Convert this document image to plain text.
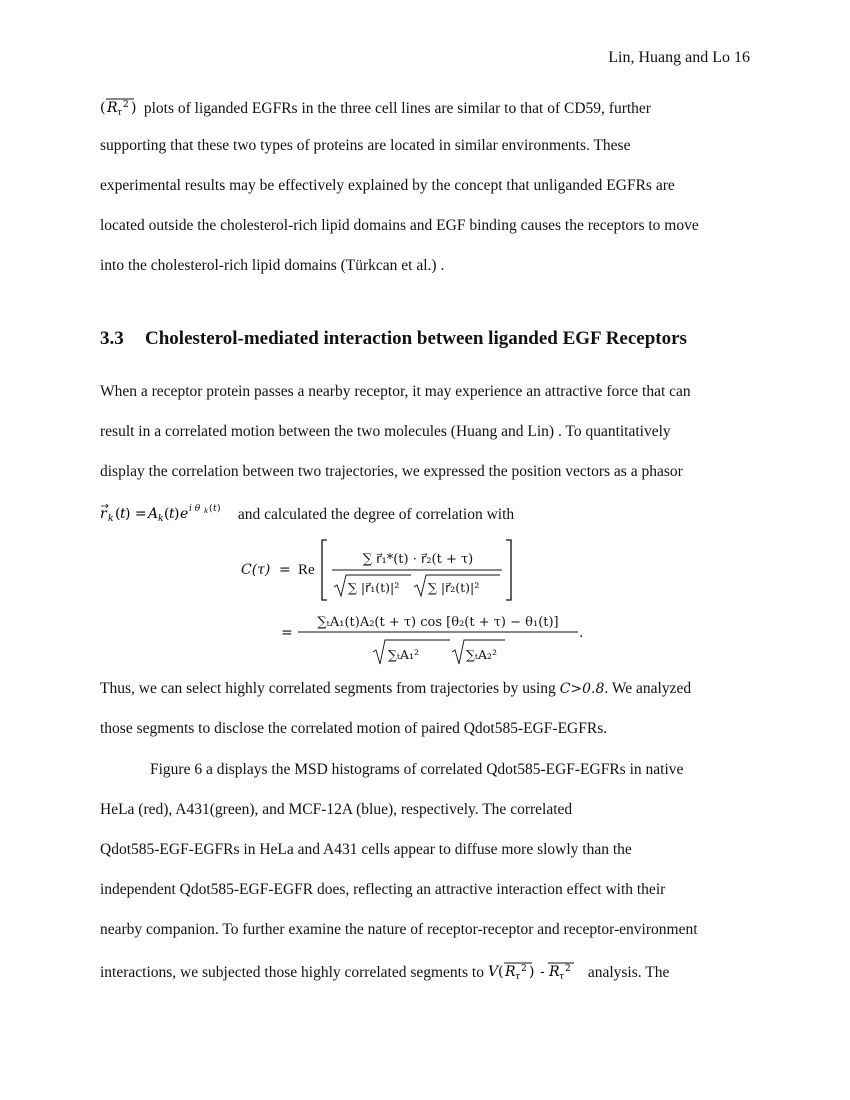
Lin, Huang and Lo 16
( R τ
2 ) plots of liganded EGFRs in the three cell lines are similar to that of CD59, further
supporting that these two types of proteins are located in similar environments. These
experimental results may be effectively explained by the concept that unliganded EGFRs are
located outside the cholesterol-rich lipid domains and EGF binding causes the receptors to move
into the cholesterol-rich lipid domains (Türkcan et al.) .
3.3 Cholesterol-mediated interaction between liganded EGF Receptors
When a receptor protein passes a nearby receptor, it may experience an attractive force that can
result in a correlated motion between the two molecules (Huang and Lin) . To quantitatively
display the correlation between two trajectories, we expressed the position vectors as a phasor
r k ( t ) = A k ( t ) e i θ k ( t ) and calculated the degree of correlation with
C(τ) = Re
∑ r⃗₁*(t) · r⃗₂(t + τ)
∑ |r⃗₁(t)|² ∑ |r⃗₂(t)|²
=
∑ₜA₁(t)A₂(t + τ) cos [θ₂(t + τ) − θ₁(t)]
.
∑ₜA₁²	∑ₜA₂²
Thus, we can select highly correlated segments from trajectories by using C>0.8. We analyzed
those segments to disclose the correlated motion of paired Qdot585-EGF-EGFRs.
Figure 6 a displays the MSD histograms of correlated Qdot585-EGF-EGFRs in native
HeLa (red), A431(green), and MCF-12A (blue), respectively. The correlated
Qdot585-EGF-EGFRs in HeLa and A431 cells appear to diffuse more slowly than the
independent Qdot585-EGF-EGFR does, reflecting an attractive interaction effect with their
nearby companion. To further examine the nature of receptor-receptor and receptor-environment
interactions, we subjected those highly correlated segments to V ( R τ
2 ) - R τ
2 analysis. The
